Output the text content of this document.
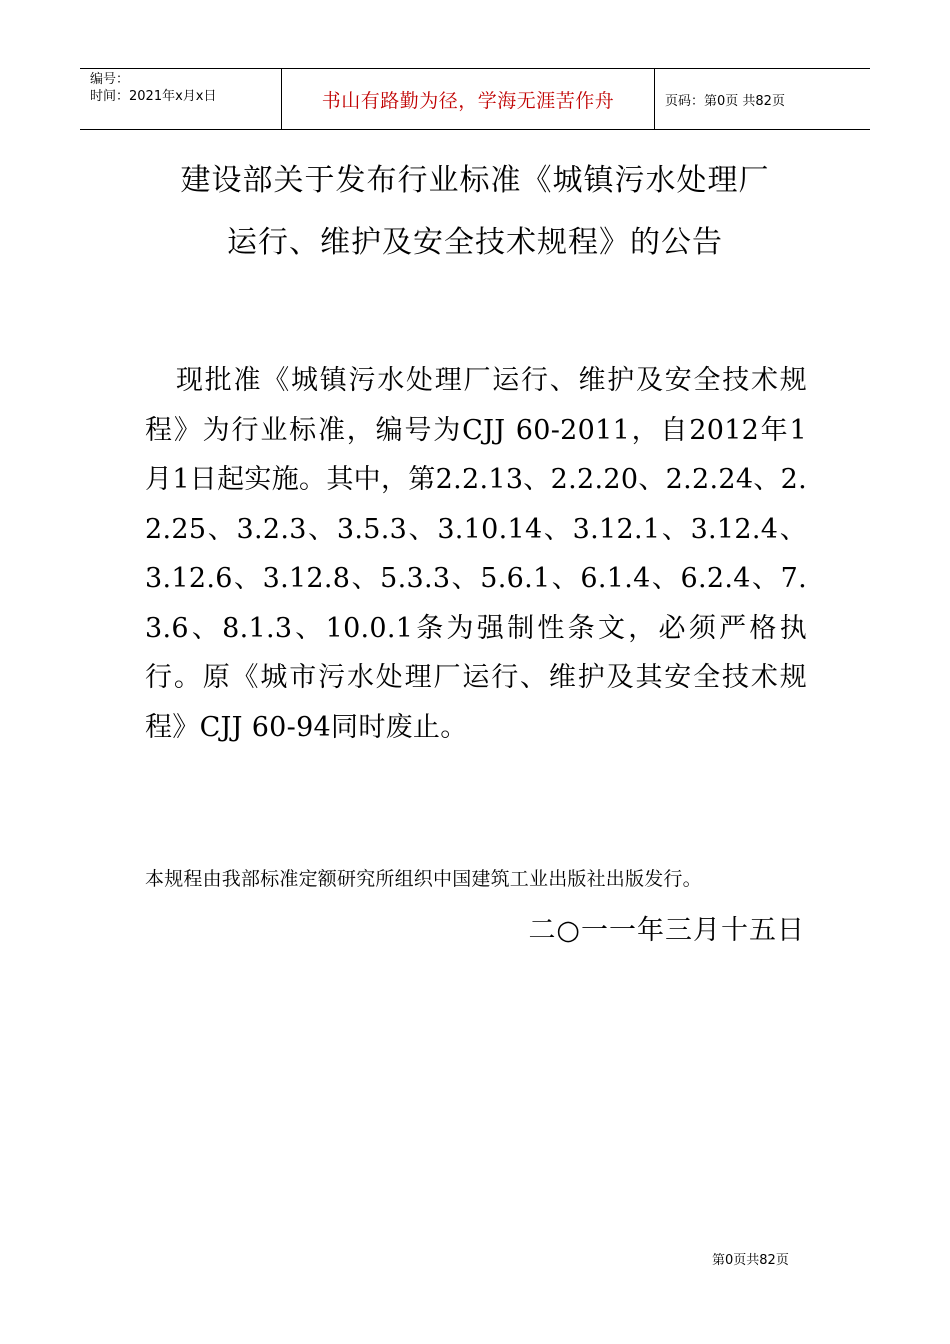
编号：
时间：2021年x月x日	书山有路勤为径，学海无涯苦作舟	页码：第0页 共82页
建设部关于发布行业标准《城镇污水处理厂
运行、维护及安全技术规程》的公告
现批准《城镇污水处理厂运行、维护及安全技术规程》为行业标准，编号为CJJ 60-2011，自2012年1月1日起实施。其中，第2.2.13、2.2.20、2.2.24、2.2.25、3.2.3、3.5.3、3.10.14、3.12.1、3.12.4、3.12.6、3.12.8、5.3.3、5.6.1、6.1.4、6.2.4、7.3.6、8.1.3、10.0.1条为强制性条文，必须严格执行。原《城市污水处理厂运行、维护及其安全技术规程》CJJ 60-94同时废止。
本规程由我部标准定额研究所组织中国建筑工业出版社出版发行。
二○一一年三月十五日
第0页共82页
